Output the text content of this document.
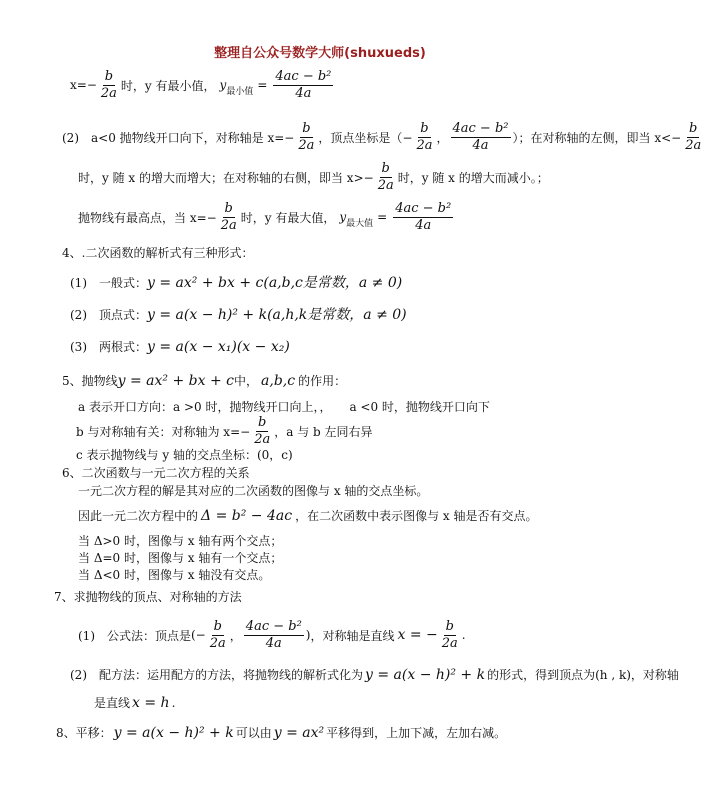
整理自公众号数学大师(shuxueds)
$x=- \frac{b}{2a}$ 时，y 有最小值， y 最小值 = $\frac{\text{4ac − b²}}{4a}$
(2)　a<0 抛物线开口向下，对称轴是 $x=- \frac{b}{2a}$ ，顶点坐标是（− $\frac{b}{2a}$ ， $\frac{\text{4ac − b²}}{4a}$ ）；在对称轴的左侧，即当 $x<- \frac{b}{2a}$
时，y 随 x 的增大而增大；在对称轴的右侧，即当 $x>- \frac{b}{2a}$ 时，y 随 x 的增大而减小。；
抛物线有最高点，当 $x=- \frac{b}{2a}$ 时，y 有最大值， y 最大值 = $\frac{\text{4ac − b²}}{4a}$
4、.二次函数的解析式有三种形式：
(1)　一般式： y = ax² + bx + c(a,b,c是常数，a ≠ 0)
(2)　顶点式： y = a(x − h)² + k(a,h,k是常数，a ≠ 0)
(3)　两根式： y = a(x − x₁)(x − x₂)
5、抛物线 y = ax² + bx + c 中， a,b,c 的作用：
a 表示开口方向：a >0 时，抛物线开口向上，，　　a <0 时，抛物线开口向下
b 与对称轴有关：对称轴为 $x=- \frac{b}{2a}$ ，a 与 b 左同右异
c 表示抛物线与 y 轴的交点坐标：(0，c)
6、二次函数与一元二次方程的关系
一元二次方程的解是其对应的二次函数的图像与 x 轴的交点坐标。
因此一元二次方程中的 Δ = b² − 4ac ，在二次函数中表示图像与 x 轴是否有交点。
当 Δ>0 时，图像与 x 轴有两个交点；
当 Δ=0 时，图像与 x 轴有一个交点；
当 Δ<0 时，图像与 x 轴没有交点。
7、求抛物线的顶点、对称轴的方法
(1)　公式法：顶点是 (− $\frac{b}{2a}$ ， $\frac{\text{4ac − b²}}{4a}$ ) ，对称轴是直线 x = − $\frac{b}{2a}$ .
(2)　配方法：运用配方的方法，将抛物线的解析式化为 y = a(x − h)² + k 的形式，得到顶点为(h , k)，对称轴
是直线 x = h .
8、平移： y = a(x − h)² + k 可以由 y = ax² 平移得到，上加下减，左加右减。
